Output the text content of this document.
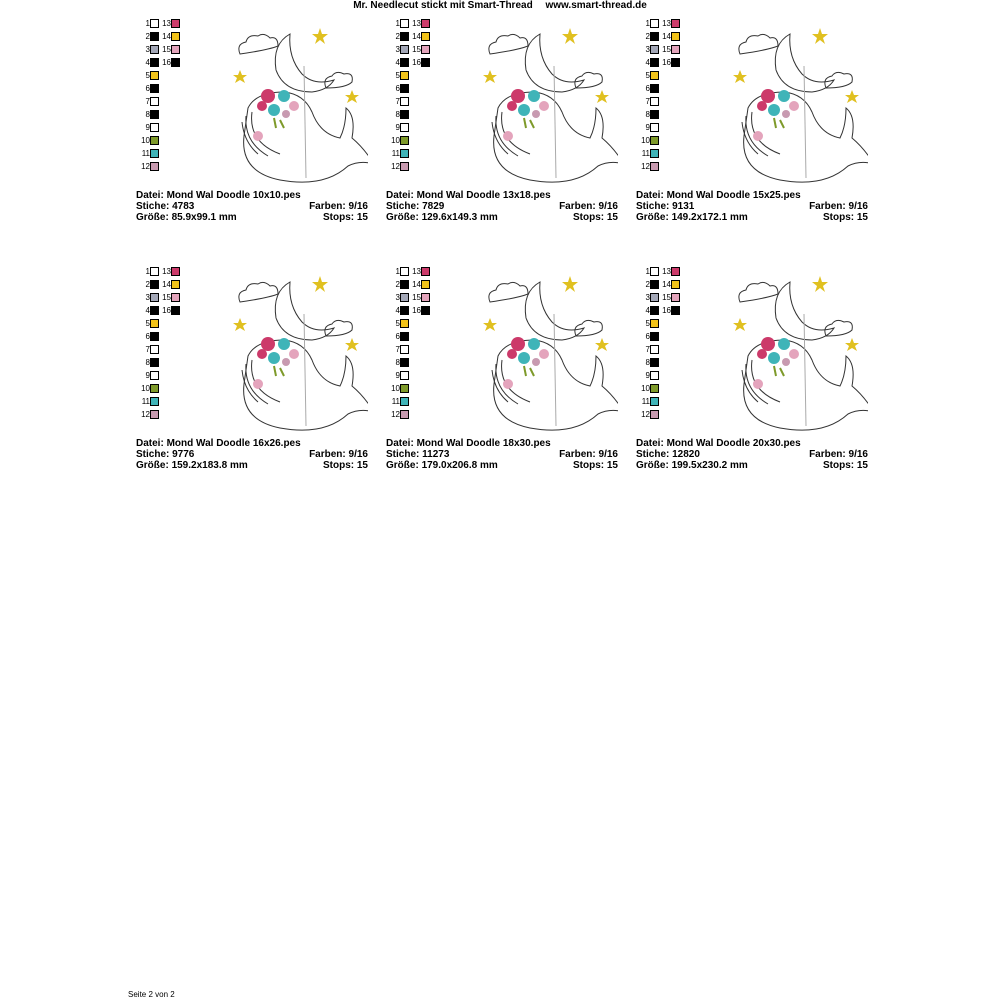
Mr. Needlecut stickt mit Smart-Thread www.smart-thread.de
1
2
3
4
5
6
7
8
9
10
11
12
13
14
15
16
Datei: Mond Wal Doodle 10x10.pes
Stiche: 4783	Farben: 9/16
Größe: 85.9x99.1 mm	Stops: 15
1
2
3
4
5
6
7
8
9
10
11
12
13
14
15
16
Datei: Mond Wal Doodle 13x18.pes
Stiche: 7829	Farben: 9/16
Größe: 129.6x149.3 mm	Stops: 15
1
2
3
4
5
6
7
8
9
10
11
12
13
14
15
16
Datei: Mond Wal Doodle 15x25.pes
Stiche: 9131	Farben: 9/16
Größe: 149.2x172.1 mm	Stops: 15
1
2
3
4
5
6
7
8
9
10
11
12
13
14
15
16
Datei: Mond Wal Doodle 16x26.pes
Stiche: 9776	Farben: 9/16
Größe: 159.2x183.8 mm	Stops: 15
1
2
3
4
5
6
7
8
9
10
11
12
13
14
15
16
Datei: Mond Wal Doodle 18x30.pes
Stiche: 11273	Farben: 9/16
Größe: 179.0x206.8 mm	Stops: 15
1
2
3
4
5
6
7
8
9
10
11
12
13
14
15
16
Datei: Mond Wal Doodle 20x30.pes
Stiche: 12820	Farben: 9/16
Größe: 199.5x230.2 mm	Stops: 15
Seite 2 von 2
